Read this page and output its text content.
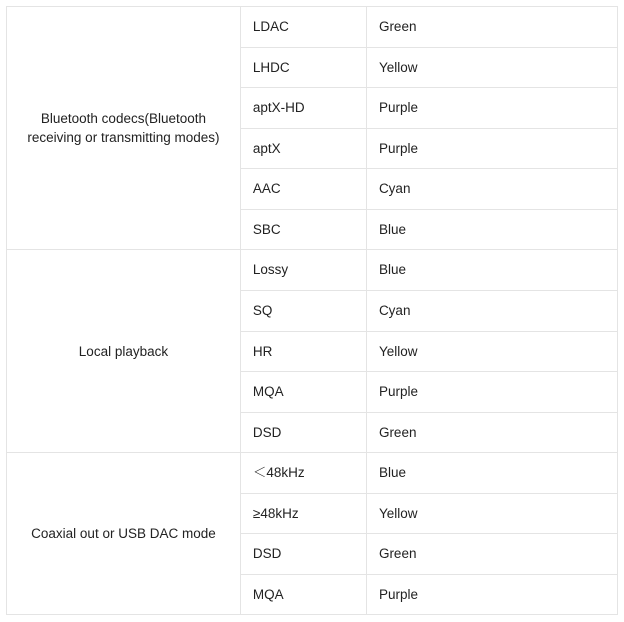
Bluetooth codecs(Bluetooth receiving or transmitting modes)	LDAC	Green
	LHDC	Yellow
	aptX-HD	Purple
	aptX	Purple
	AAC	Cyan
	SBC	Blue

Local playback	Lossy	Blue
	SQ	Cyan
	HR	Yellow
	MQA	Purple
	DSD	Green

Coaxial out or USB DAC mode	＜48kHz	Blue
	≥48kHz	Yellow
	DSD	Green
	MQA	Purple
